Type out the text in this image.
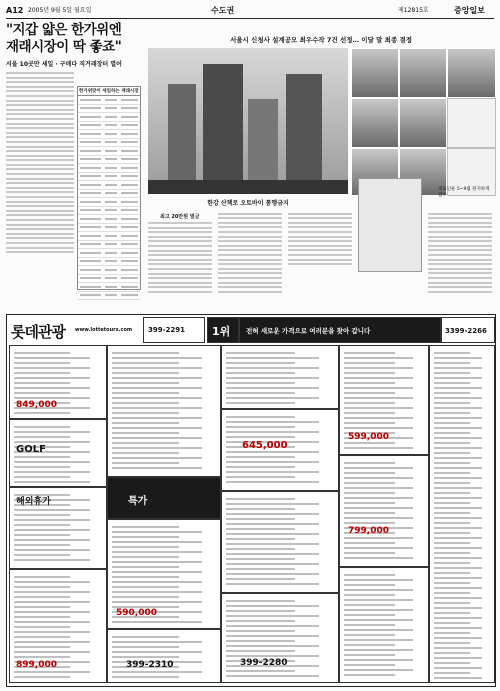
A12 2005년 9월 5일 월요일	수도권	제12815호	중앙일보
"지갑 얇은 한가위엔
재래시장이 딱 좋죠"
서울 10곳만 세일 · 구매다 직거래장터 열어
한가위맞이 세일하는 재래시장
서울시 신청사 설계공모 최우수작 7건 선정… 이달 말 최종 결정
한강 산책로 오토바이 통행금지
최고 20만원 벌금
경로인운 5~9월 원지하게 접수
롯데관광 www.lottetours.com 399-2291 1위 전혀 새로운 가격으로 여러분을 찾아 갑니다	3399-2266
849,000
GOLF
해외휴가
899,000
특가
590,000
399-2310
645,000
399-2280
599,000
799,000
